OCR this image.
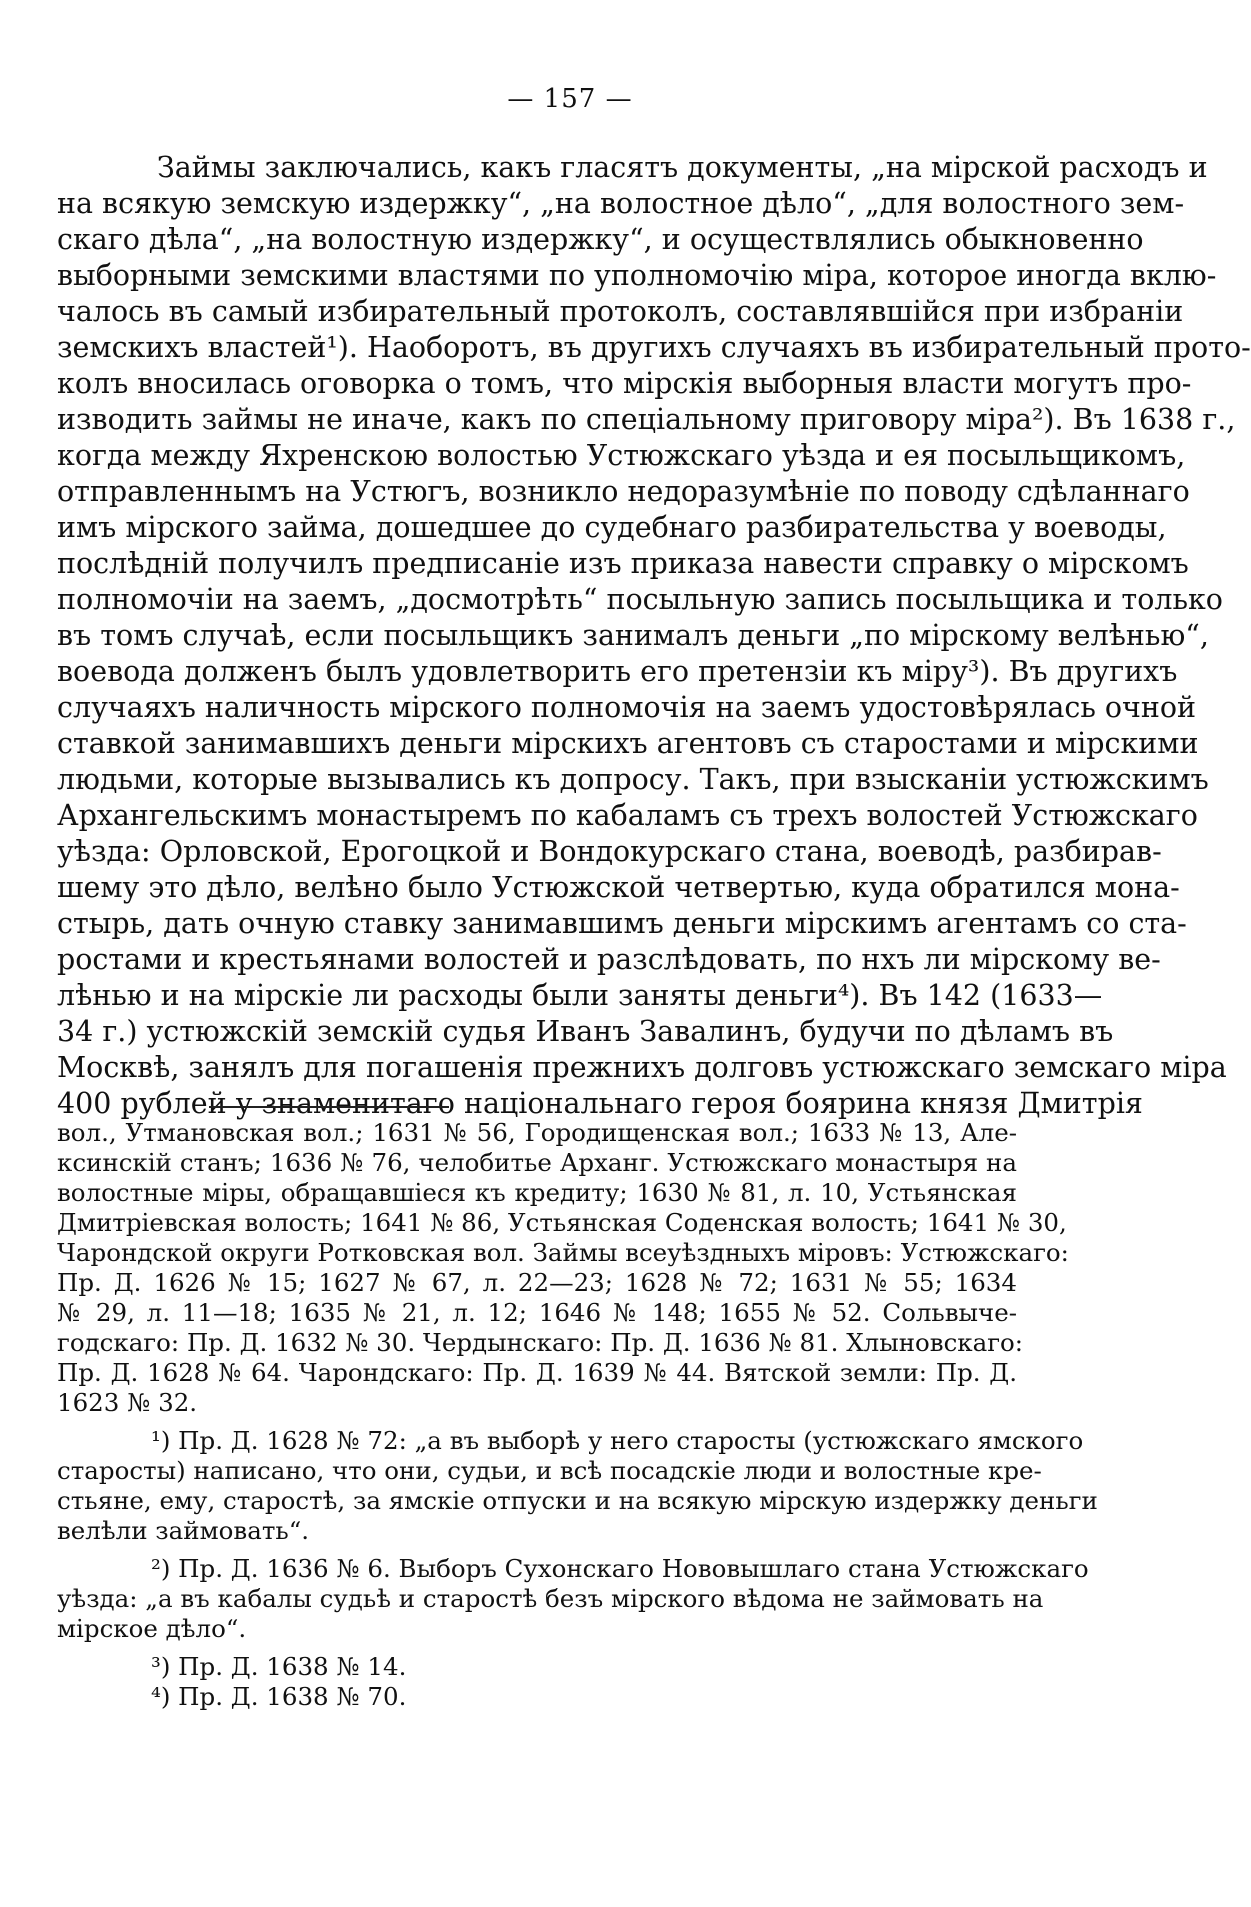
— 157 —
Займы заключались, какъ гласятъ документы, „на мірской расходъ и
на всякую земскую издержку“, „на волостное дѣло“, „для волостного зем-
скаго дѣла“, „на волостную издержку“, и осуществлялись обыкновенно
выборными земскими властями по уполномочію міра, которое иногда вклю-
чалось въ самый избирательный протоколъ, составлявшійся при избраніи
земскихъ властей¹). Наоборотъ, въ другихъ случаяхъ въ избирательный прото-
колъ вносилась оговорка о томъ, что мірскія выборныя власти могутъ про-
изводить займы не иначе, какъ по спеціальному приговору міра²). Въ 1638 г.,
когда между Яхренскою волостью Устюжскаго уѣзда и ея посыльщикомъ,
отправленнымъ на Устюгъ, возникло недоразумѣніе по поводу сдѣланнаго
имъ мірского займа, дошедшее до судебнаго разбирательства у воеводы,
послѣдній получилъ предписаніе изъ приказа навести справку о мірскомъ
полномочіи на заемъ, „досмотрѣть“ посыльную запись посыльщика и только
въ томъ случаѣ, если посыльщикъ занималъ деньги „по мірскому велѣнью“,
воевода долженъ былъ удовлетворить его претензіи къ міру³). Въ другихъ
случаяхъ наличность мірского полномочія на заемъ удостовѣрялась очной
ставкой занимавшихъ деньги мірскихъ агентовъ съ старостами и мірскими
людьми, которые вызывались къ допросу. Такъ, при взысканіи устюжскимъ
Архангельскимъ монастыремъ по кабаламъ съ трехъ волостей Устюжскаго
уѣзда: Орловской, Ерогоцкой и Вондокурскаго стана, воеводѣ, разбирав-
шему это дѣло, велѣно было Устюжской четвертью, куда обратился мона-
стырь, дать очную ставку занимавшимъ деньги мірскимъ агентамъ со ста-
ростами и крестьянами волостей и разслѣдовать, по нхъ ли мірскому ве-
лѣнью и на мірскіе ли расходы были заняты деньги⁴). Въ 142 (1633—
34 г.) устюжскій земскій судья Иванъ Завалинъ, будучи по дѣламъ въ
Москвѣ, занялъ для погашенія прежнихъ долговъ устюжскаго земскаго міра
400 рублей у знаменитаго національнаго героя боярина князя Дмитрія
вол., Утмановская вол.; 1631 № 56, Городищенская вол.; 1633 № 13, Але-
ксинскій станъ; 1636 № 76, челобитье Арханг. Устюжскаго монастыря на
волостные міры, обращавшіеся къ кредиту; 1630 № 81, л. 10, Устьянская
Дмитріевская волость; 1641 № 86, Устьянская Соденская волость; 1641 № 30,
Чарондской округи Ротковская вол. Займы всеуѣздныхъ міровъ: Устюжскаго:
Пр. Д. 1626 № 15; 1627 № 67, л. 22—23; 1628 № 72; 1631 № 55; 1634
№ 29, л. 11—18; 1635 № 21, л. 12; 1646 № 148; 1655 № 52. Сольвыче-
годскаго: Пр. Д. 1632 № 30. Чердынскаго: Пр. Д. 1636 № 81. Хлыновскаго:
Пр. Д. 1628 № 64. Чарондскаго: Пр. Д. 1639 № 44. Вятской земли: Пр. Д.
1623 № 32.
¹) Пр. Д. 1628 № 72: „а въ выборѣ у него старосты (устюжскаго ямского
старосты) написано, что они, судьи, и всѣ посадскіе люди и волостные кре-
стьяне, ему, старостѣ, за ямскіе отпуски и на всякую мірскую издержку деньги
велѣли займовать“.
²) Пр. Д. 1636 № 6. Выборъ Сухонскаго Нововышлаго стана Устюжскаго
уѣзда: „а въ кабалы судьѣ и старостѣ безъ мірского вѣдома не займовать на
мірское дѣло“.
³) Пр. Д. 1638 № 14.
⁴) Пр. Д. 1638 № 70.
